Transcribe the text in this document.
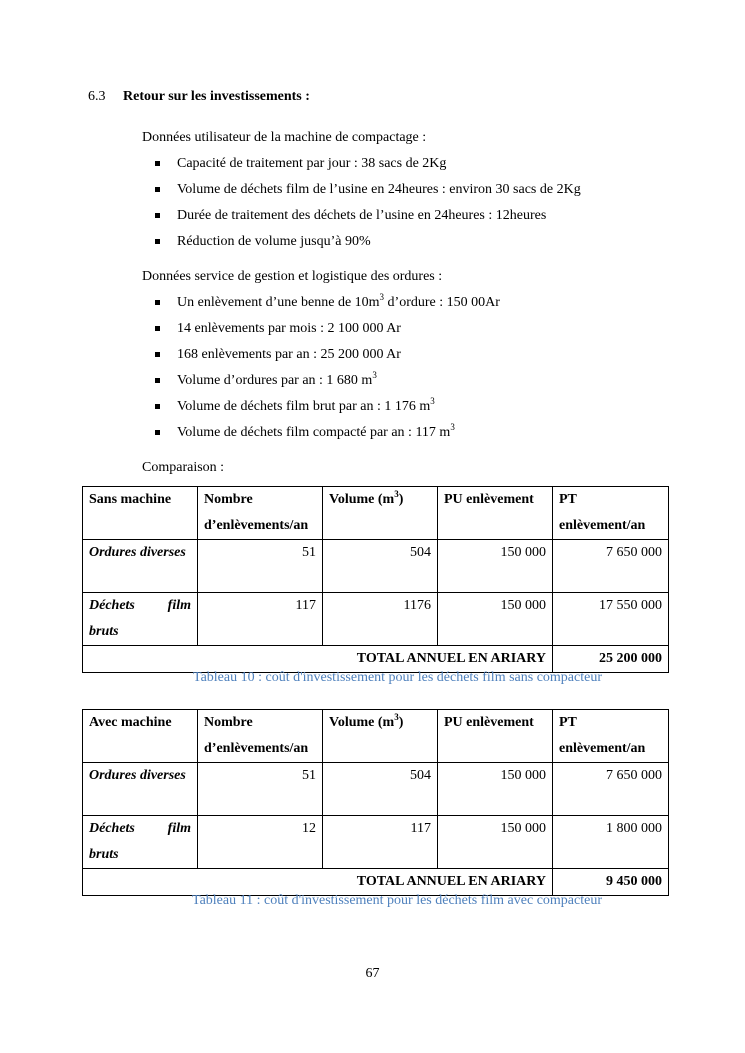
6.3 Retour sur les investissements :
Données utilisateur de la machine de compactage :
Capacité de traitement par jour : 38 sacs de 2Kg
Volume de déchets film de l’usine en 24heures : environ 30 sacs de 2Kg
Durée de traitement des déchets de l’usine en 24heures : 12heures
Réduction de volume jusqu’à 90%
Données service de gestion et logistique des ordures :
Un enlèvement d’une benne de $10m^3$ d’ordure : 150 00Ar
14 enlèvements par mois : 2 100 000 Ar
168 enlèvements par an : 25 200 000 Ar
Volume d’ordures par an : 1 680 $m^3$
Volume de déchets film brut par an : 1 176 $m^3$
Volume de déchets film compacté par an : 117 $m^3$
Comparaison :
Sans machine	Nombre d’enlèvements/an	Volume $(m^3)$	PU enlèvement	PT enlèvement/an
Ordures diverses	51	504	150 000	7 650 000

Déchets film
bruts	117	1176	150 000	17 550 000
TOTAL ANNUEL EN ARIARY				25 200 000
Tableau 10 : coût d'investissement pour les déchets film sans compacteur
Avec machine	Nombre d’enlèvements/an	Volume $(m^3)$	PU enlèvement	PT enlèvement/an
Ordures diverses	51	504	150 000	7 650 000

Déchets film
bruts	12	117	150 000	1 800 000
TOTAL ANNUEL EN ARIARY				9 450 000
Tableau 11 : coût d'investissement pour les déchets film avec compacteur
67
